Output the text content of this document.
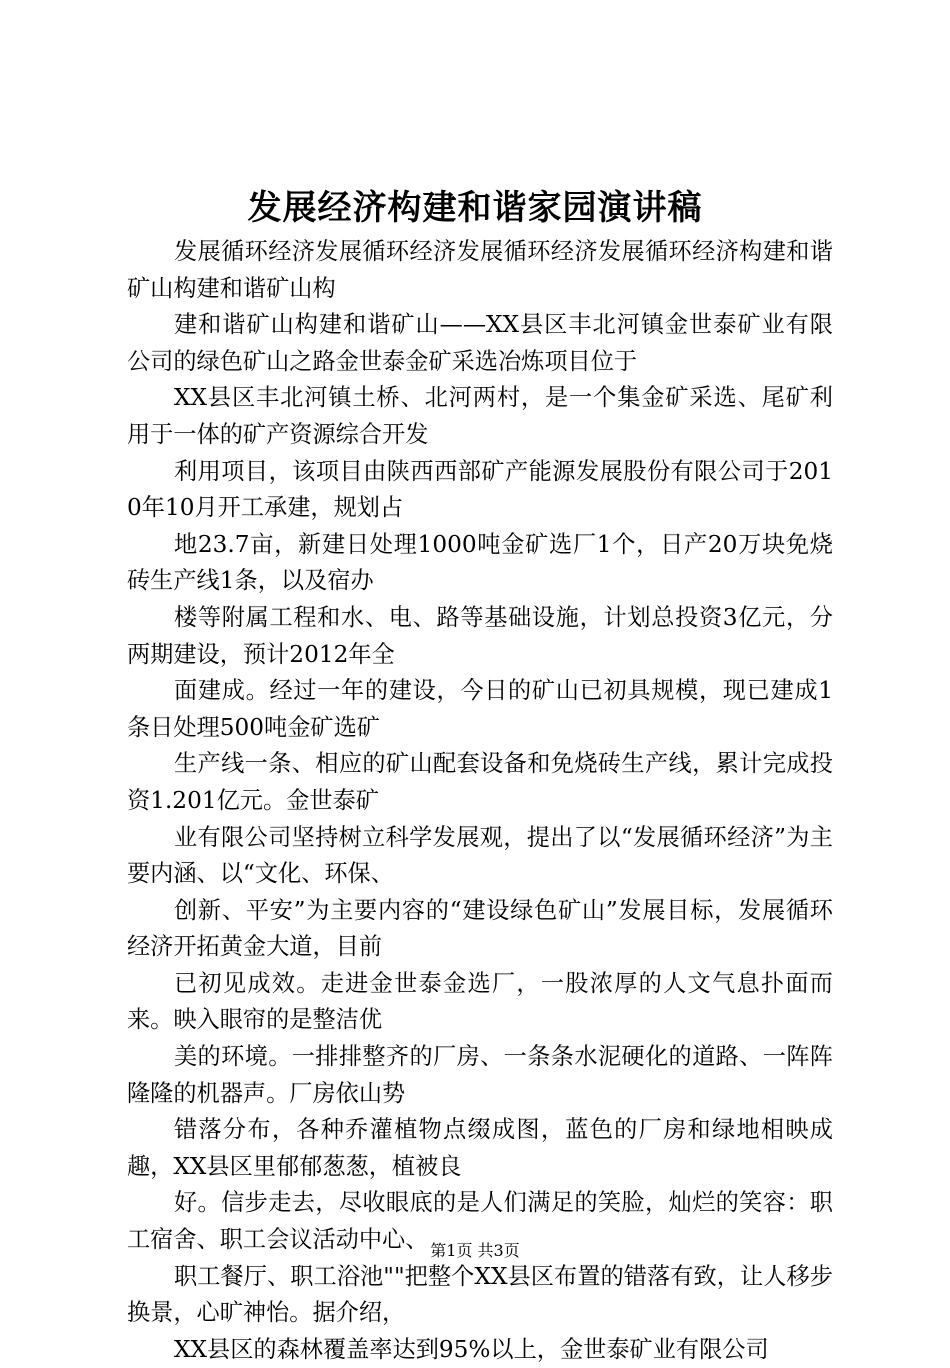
发展经济构建和谐家园演讲稿

发展循环经济发展循环经济发展循环经济发展循环经济构建和谐矿山构建和谐矿山构

建和谐矿山构建和谐矿山——XX县区丰北河镇金世泰矿业有限公司的绿色矿山之路金世泰金矿采选冶炼项目位于

XX县区丰北河镇土桥、北河两村，是一个集金矿采选、尾矿利用于一体的矿产资源综合开发

利用项目，该项目由陕西西部矿产能源发展股份有限公司于2010年10月开工承建，规划占

地23.7亩，新建日处理1000吨金矿选厂1个，日产20万块免烧砖生产线1条，以及宿办

楼等附属工程和水、电、路等基础设施，计划总投资3亿元，分两期建设，预计2012年全

面建成。经过一年的建设，今日的矿山已初具规模，现已建成1条日处理500吨金矿选矿

生产线一条、相应的矿山配套设备和免烧砖生产线，累计完成投资1.201亿元。金世泰矿

业有限公司坚持树立科学发展观，提出了以“发展循环经济”为主要内涵、以“文化、环保、

创新、平安”为主要内容的“建设绿色矿山”发展目标，发展循环经济开拓黄金大道，目前

已初见成效。走进金世泰金选厂，一股浓厚的人文气息扑面而来。映入眼帘的是整洁优

美的环境。一排排整齐的厂房、一条条水泥硬化的道路、一阵阵隆隆的机器声。厂房依山势

错落分布，各种乔灌植物点缀成图，蓝色的厂房和绿地相映成趣，XX县区里郁郁葱葱，植被良

好。信步走去，尽收眼底的是人们满足的笑脸，灿烂的笑容：职工宿舍、职工会议活动中心、

职工餐厅、职工浴池""把整个XX县区布置的错落有致，让人移步换景，心旷神怡。据介绍，

XX县区的森林覆盖率达到95%以上，金世泰矿业有限公司

第1页 共3页
